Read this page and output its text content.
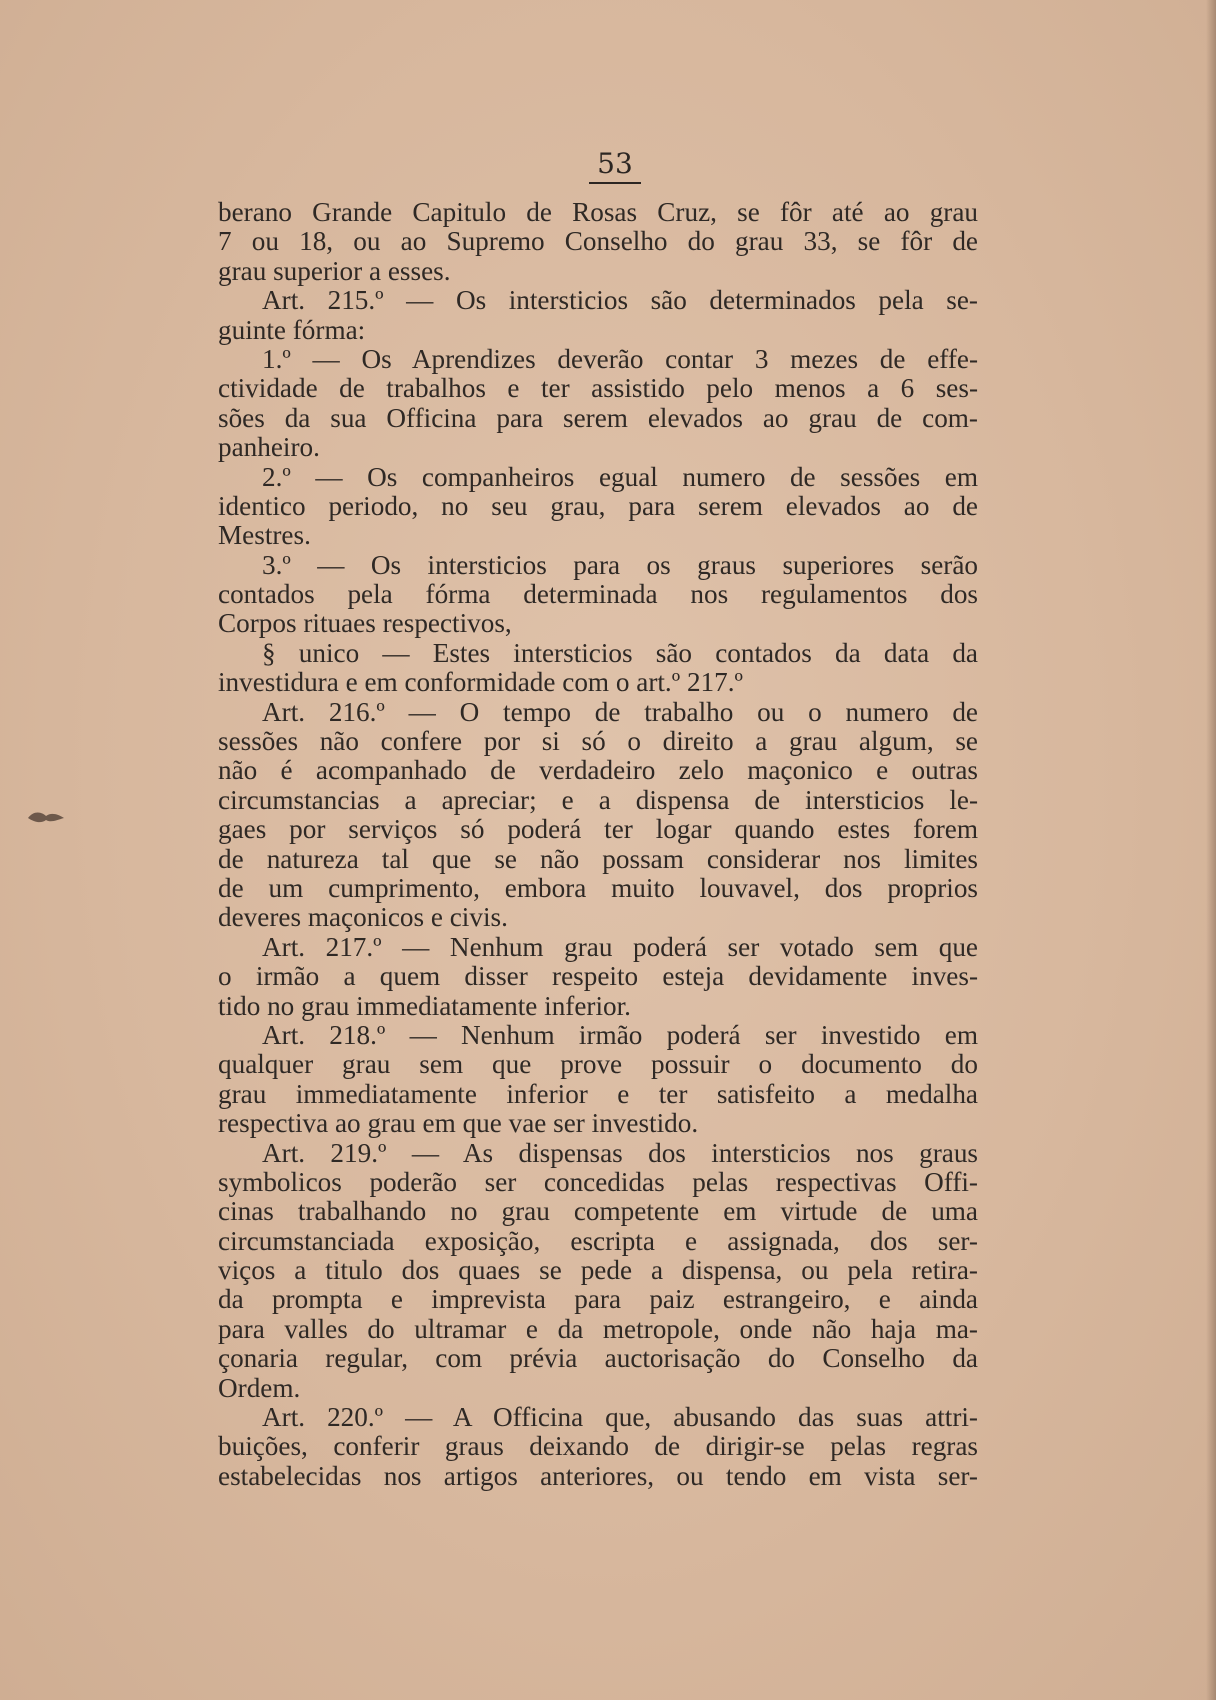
53
berano Grande Capitulo de Rosas Cruz, se fôr até ao grau
7 ou 18, ou ao Supremo Conselho do grau 33, se fôr de
grau superior a esses.
Art. 215.º — Os intersticios são determinados pela se-
guinte fórma:
1.º — Os Aprendizes deverão contar 3 mezes de effe-
ctividade de trabalhos e ter assistido pelo menos a 6 ses-
sões da sua Officina para serem elevados ao grau de com-
panheiro.
2.º — Os companheiros egual numero de sessões em
identico periodo, no seu grau, para serem elevados ao de
Mestres.
3.º — Os intersticios para os graus superiores serão
contados pela fórma determinada nos regulamentos dos
Corpos rituaes respectivos,
§ unico — Estes intersticios são contados da data da
investidura e em conformidade com o art.º 217.º
Art. 216.º — O tempo de trabalho ou o numero de
sessões não confere por si só o direito a grau algum, se
não é acompanhado de verdadeiro zelo maçonico e outras
circumstancias a apreciar; e a dispensa de intersticios le-
gaes por serviços só poderá ter logar quando estes forem
de natureza tal que se não possam considerar nos limites
de um cumprimento, embora muito louvavel, dos proprios
deveres maçonicos e civis.
Art. 217.º — Nenhum grau poderá ser votado sem que
o irmão a quem disser respeito esteja devidamente inves-
tido no grau immediatamente inferior.
Art. 218.º — Nenhum irmão poderá ser investido em
qualquer grau sem que prove possuir o documento do
grau immediatamente inferior e ter satisfeito a medalha
respectiva ao grau em que vae ser investido.
Art. 219.º — As dispensas dos intersticios nos graus
symbolicos poderão ser concedidas pelas respectivas Offi-
cinas trabalhando no grau competente em virtude de uma
circumstanciada exposição, escripta e assignada, dos ser-
viços a titulo dos quaes se pede a dispensa, ou pela retira-
da prompta e imprevista para paiz estrangeiro, e ainda
para valles do ultramar e da metropole, onde não haja ma-
çonaria regular, com prévia auctorisação do Conselho da
Ordem.
Art. 220.º — A Officina que, abusando das suas attri-
buições, conferir graus deixando de dirigir-se pelas regras
estabelecidas nos artigos anteriores, ou tendo em vista ser-
